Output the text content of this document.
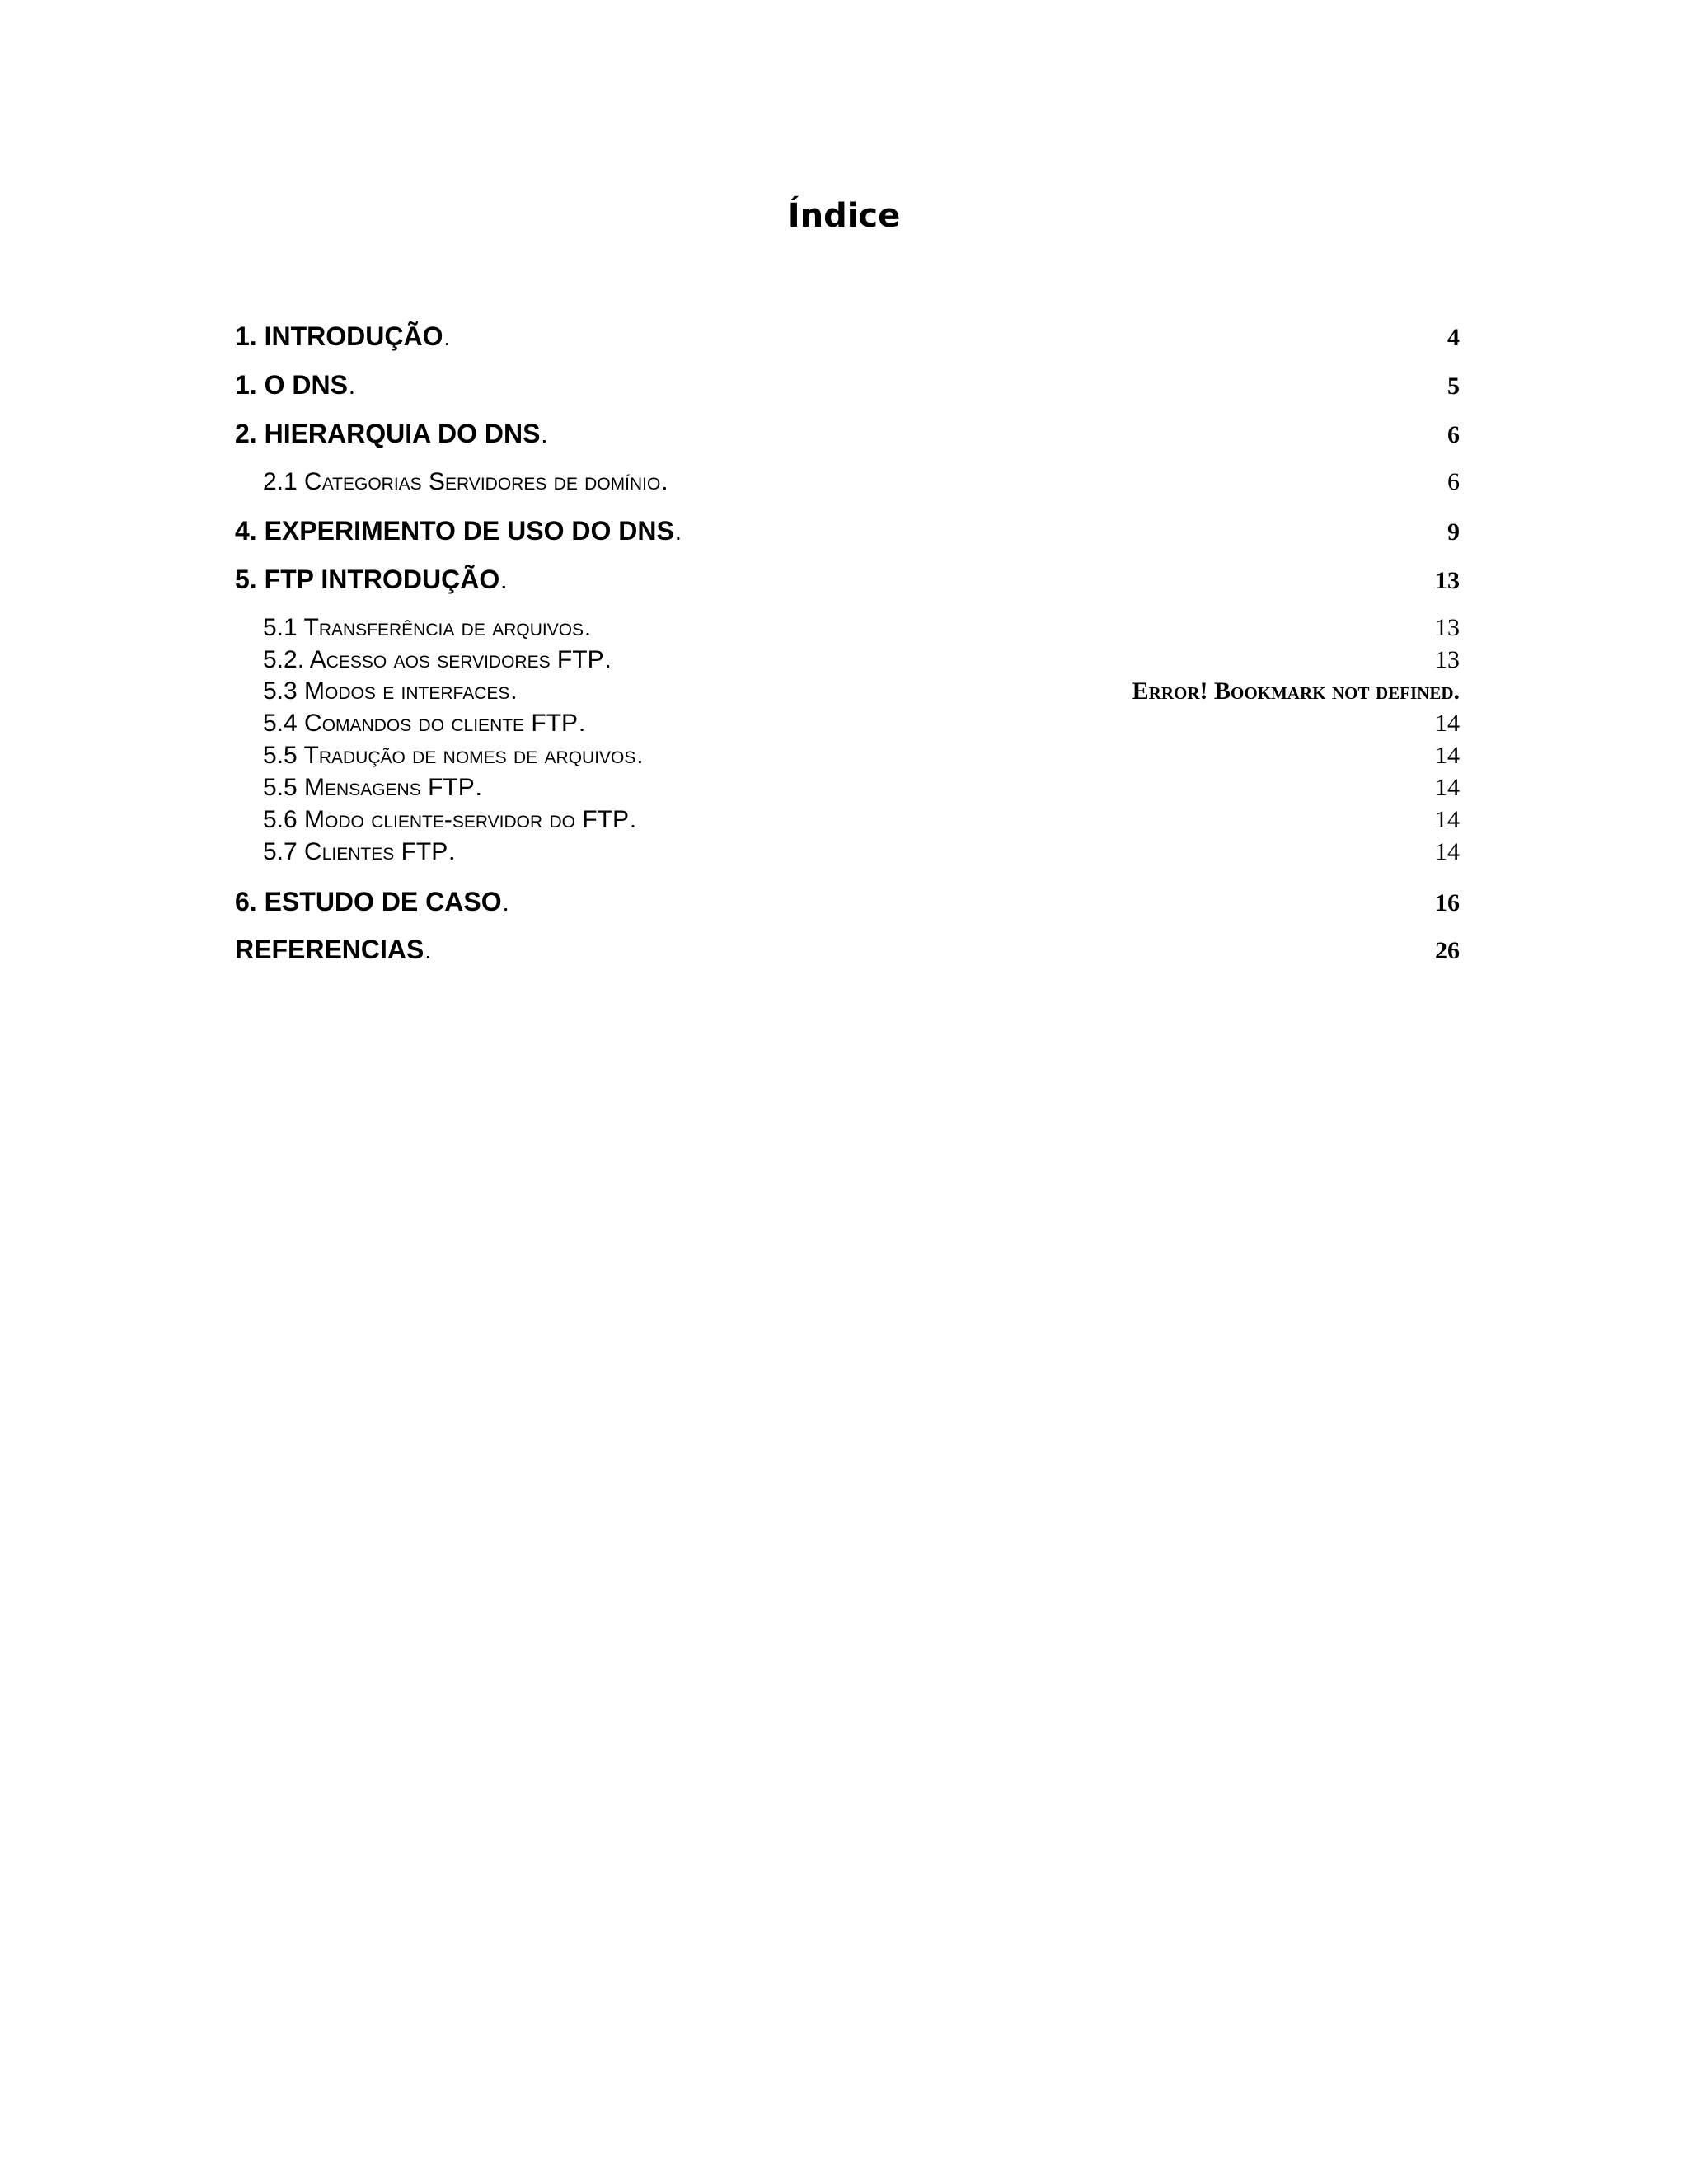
Índice
1. INTRODUÇÃO . . .	4
1. O DNS . . .	5
2. HIERARQUIA DO DNS . . .	6
2.1 Categorias Servidores de domínio . . .	6
4. EXPERIMENTO DE USO DO DNS . . .	9
5. FTP INTRODUÇÃO . . .	13
5.1 Transferência de arquivos . . .	13
5.2. Acesso aos servidores FTP . . .	13
5.3 Modos e interfaces . . .	Error! Bookmark not defined.
5.4 Comandos do cliente FTP . . .	14
5.5 Tradução de nomes de arquivos . . .	14
5.5 Mensagens FTP . . .	14
5.6 Modo cliente-servidor do FTP . . .	14
5.7 Clientes FTP . . .	14
6. ESTUDO DE CASO . . .	16
REFERENCIAS . . .	26
